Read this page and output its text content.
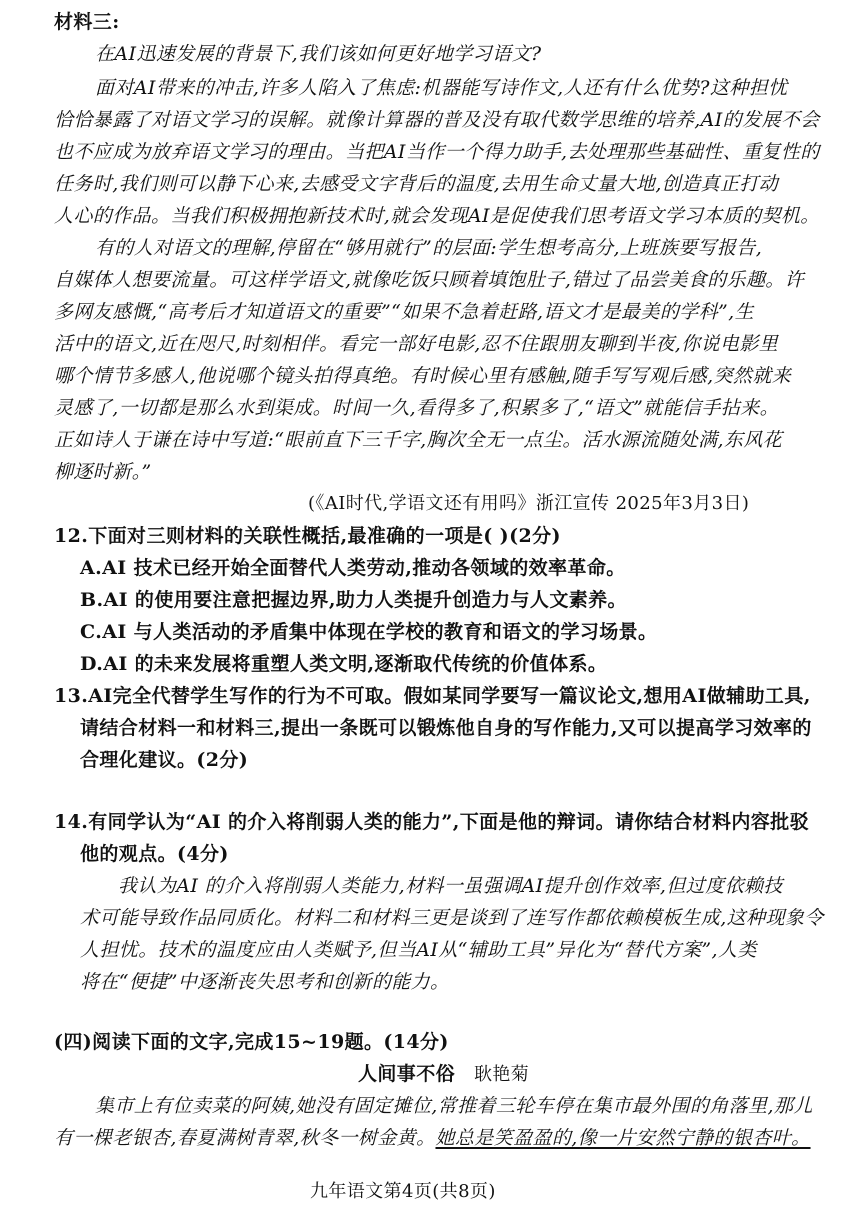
材料三:
在AI迅速发展的背景下,我们该如何更好地学习语文?
面对AI带来的冲击,许多人陷入了焦虑:机器能写诗作文,人还有什么优势?这种担忧
恰恰暴露了对语文学习的误解。就像计算器的普及没有取代数学思维的培养,AI的发展不会
也不应成为放弃语文学习的理由。当把AI当作一个得力助手,去处理那些基础性、重复性的
任务时,我们则可以静下心来,去感受文字背后的温度,去用生命丈量大地,创造真正打动
人心的作品。当我们积极拥抱新技术时,就会发现AI是促使我们思考语文学习本质的契机。
有的人对语文的理解,停留在“够用就行”的层面:学生想考高分,上班族要写报告,
自媒体人想要流量。可这样学语文,就像吃饭只顾着填饱肚子,错过了品尝美食的乐趣。许
多网友感慨,“高考后才知道语文的重要”“如果不急着赶路,语文才是最美的学科”,生
活中的语文,近在咫尺,时刻相伴。看完一部好电影,忍不住跟朋友聊到半夜,你说电影里
哪个情节多感人,他说哪个镜头拍得真绝。有时候心里有感触,随手写写观后感,突然就来
灵感了,一切都是那么水到渠成。时间一久,看得多了,积累多了,“语文”就能信手拈来。
正如诗人于谦在诗中写道:“眼前直下三千字,胸次全无一点尘。活水源流随处满,东风花
柳逐时新。”
(《AI时代,学语文还有用吗》浙江宣传 2025年3月3日)
12.下面对三则材料的关联性概括,最准确的一项是( )(2分)
A.AI 技术已经开始全面替代人类劳动,推动各领域的效率革命。
B.AI 的使用要注意把握边界,助力人类提升创造力与人文素养。
C.AI 与人类活动的矛盾集中体现在学校的教育和语文的学习场景。
D.AI 的未来发展将重塑人类文明,逐渐取代传统的价值体系。
13.AI完全代替学生写作的行为不可取。假如某同学要写一篇议论文,想用AI做辅助工具,
请结合材料一和材料三,提出一条既可以锻炼他自身的写作能力,又可以提高学习效率的
合理化建议。(2分)
14.有同学认为“AI 的介入将削弱人类的能力”,下面是他的辩词。请你结合材料内容批驳
他的观点。(4分)
我认为AI 的介入将削弱人类能力,材料一虽强调AI提升创作效率,但过度依赖技
术可能导致作品同质化。材料二和材料三更是谈到了连写作都依赖模板生成,这种现象令
人担忧。技术的温度应由人类赋予,但当AI从“辅助工具”异化为“替代方案”,人类
将在“便捷”中逐渐丧失思考和创新的能力。
(四)阅读下面的文字,完成15~19题。(14分)
人间事不俗 耿艳菊
集市上有位卖菜的阿姨,她没有固定摊位,常推着三轮车停在集市最外围的角落里,那儿
有一棵老银杏,春夏满树青翠,秋冬一树金黄。她总是笑盈盈的,像一片安然宁静的银杏叶。
九年语文第4页(共8页)
